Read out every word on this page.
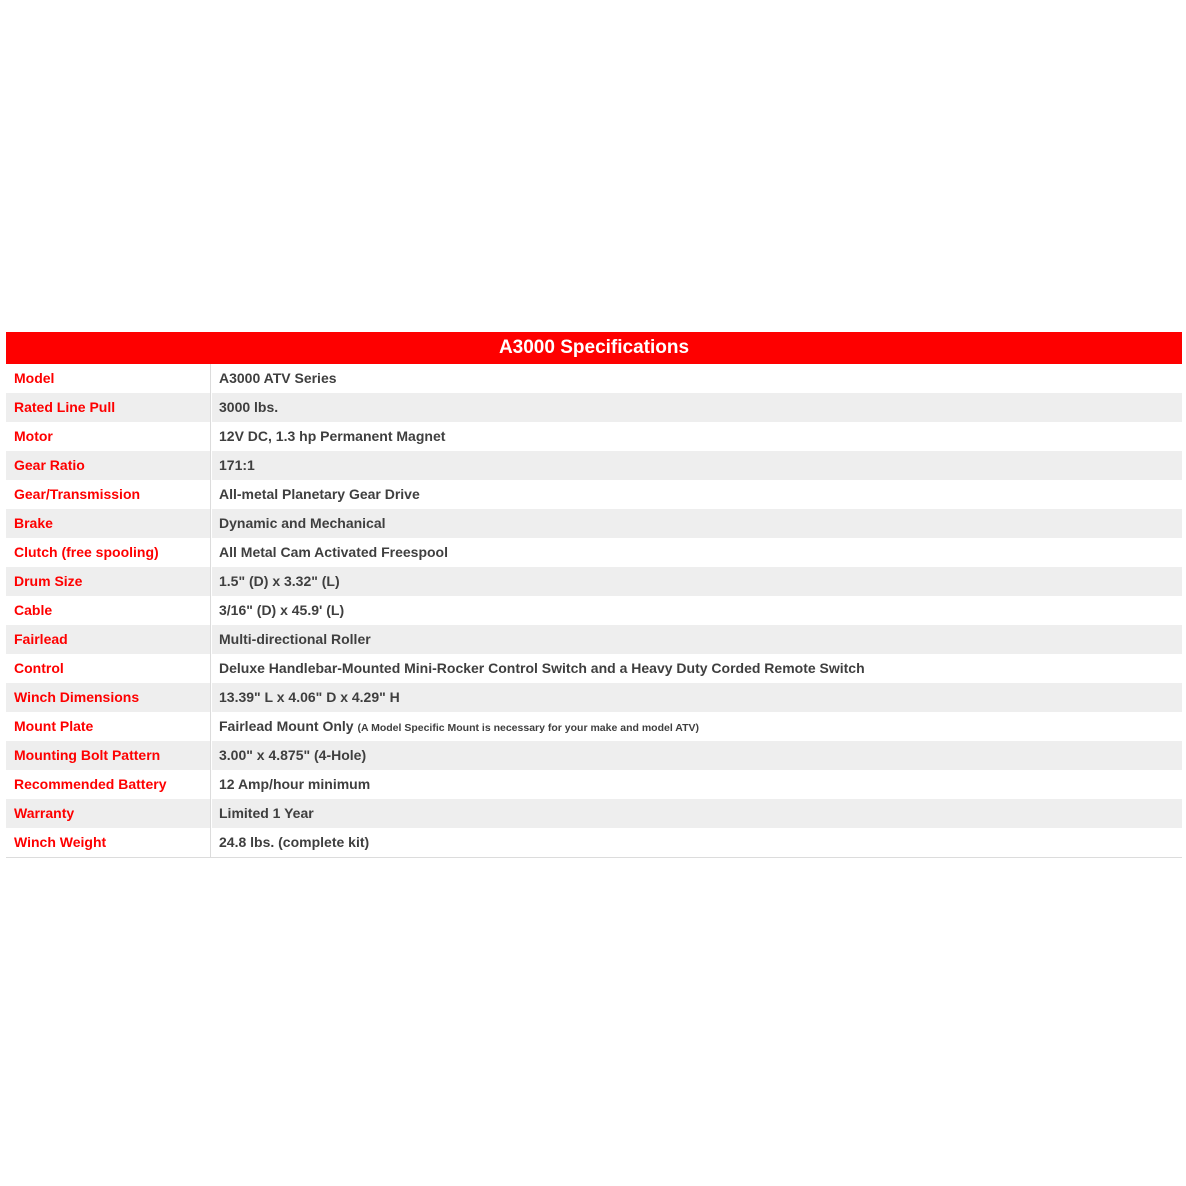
A3000 Specifications
Model	A3000 ATV Series
Rated Line Pull	3000 lbs.
Motor	12V DC, 1.3 hp Permanent Magnet
Gear Ratio	171:1
Gear/Transmission	All-metal Planetary Gear Drive
Brake	Dynamic and Mechanical
Clutch (free spooling)	All Metal Cam Activated Freespool
Drum Size	1.5" (D) x 3.32" (L)
Cable	3/16" (D) x 45.9' (L)
Fairlead	Multi-directional Roller
Control	Deluxe Handlebar-Mounted Mini-Rocker Control Switch and a Heavy Duty Corded Remote Switch
Winch Dimensions	13.39" L x 4.06" D x 4.29" H
Mount Plate	Fairlead Mount Only (A Model Specific Mount is necessary for your make and model ATV)
Mounting Bolt Pattern	3.00" x 4.875" (4-Hole)
Recommended Battery	12 Amp/hour minimum
Warranty	Limited 1 Year
Winch Weight	24.8 lbs. (complete kit)
